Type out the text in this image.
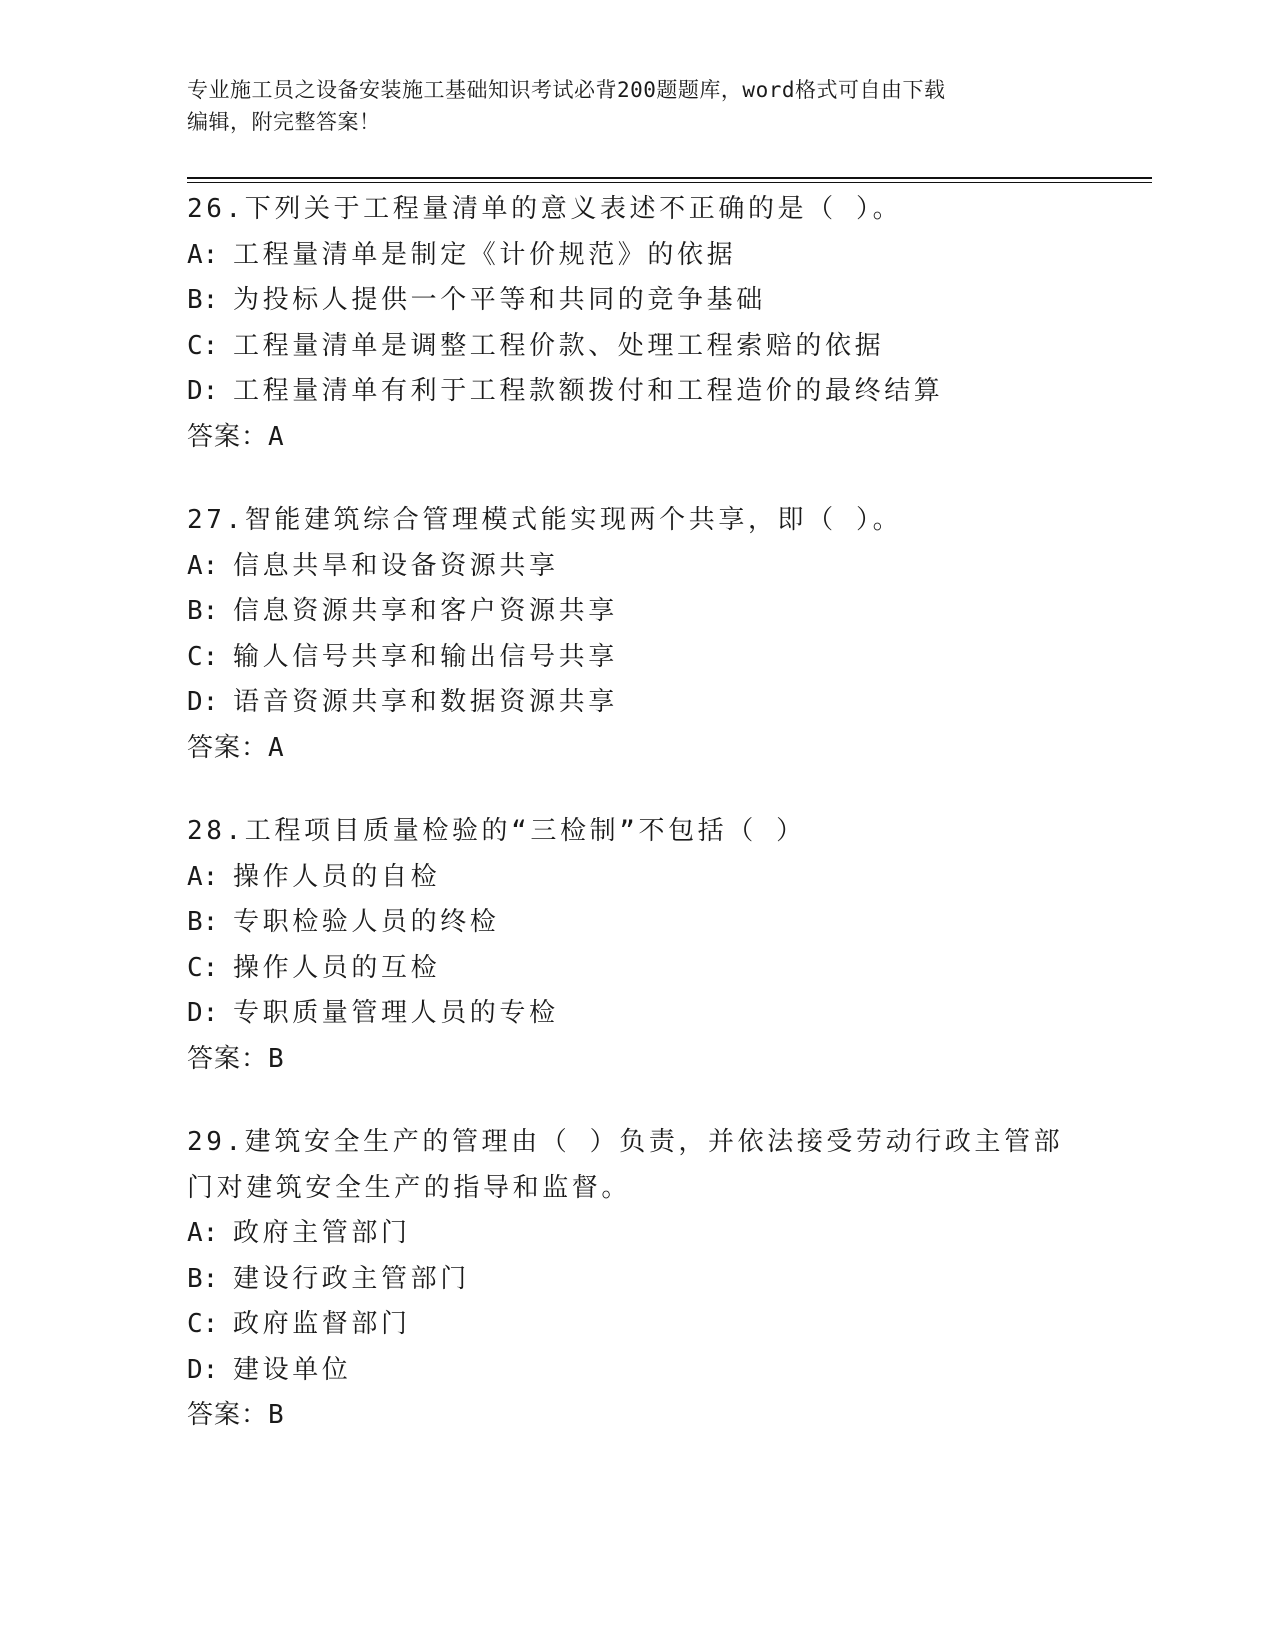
专业施工员之设备安装施工基础知识考试必背200题题库，word格式可自由下载
编辑，附完整答案！
26.下列关于工程量清单的意义表述不正确的是（ ）。
A: 工程量清单是制定《计价规范》的依据
B: 为投标人提供一个平等和共同的竞争基础
C: 工程量清单是调整工程价款、处理工程索赔的依据
D: 工程量清单有利于工程款额拨付和工程造价的最终结算
答案：A
27.智能建筑综合管理模式能实现两个共享，即（ ）。
A: 信息共旱和设备资源共享
B: 信息资源共享和客户资源共享
C: 输人信号共享和输出信号共享
D: 语音资源共享和数据资源共享
答案：A
28.工程项目质量检验的“三检制”不包括（ ）
A: 操作人员的自检
B: 专职检验人员的终检
C: 操作人员的互检
D: 专职质量管理人员的专检
答案：B
29.建筑安全生产的管理由（ ）负责，并依法接受劳动行政主管部门对建筑安全生产的指导和监督。
A: 政府主管部门
B: 建设行政主管部门
C: 政府监督部门
D: 建设单位
答案：B
